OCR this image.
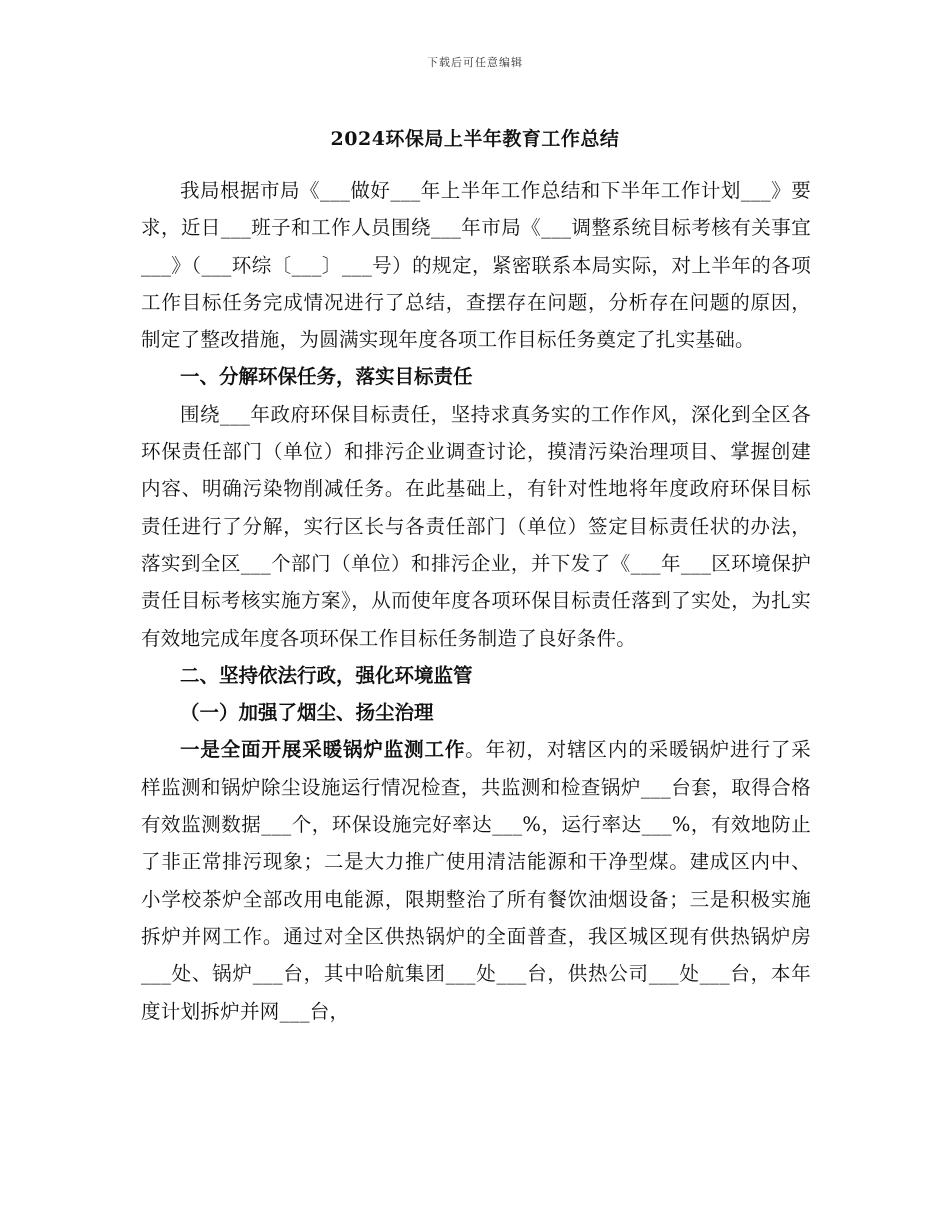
下载后可任意编辑
2024环保局上半年教育工作总结

我局根据市局《___做好___年上半年工作总结和下半年工作计划___》要求，近日___班子和工作人员围绕___年市局《___调整系统目标考核有关事宜___》（___环综〔___〕___号）的规定，紧密联系本局实际，对上半年的各项工作目标任务完成情况进行了总结，查摆存在问题，分析存在问题的原因，制定了整改措施，为圆满实现年度各项工作目标任务奠定了扎实基础。

一、分解环保任务，落实目标责任

围绕___年政府环保目标责任，坚持求真务实的工作作风，深化到全区各环保责任部门（单位）和排污企业调查讨论，摸清污染治理项目、掌握创建内容、明确污染物削减任务。在此基础上，有针对性地将年度政府环保目标责任进行了分解，实行区长与各责任部门（单位）签定目标责任状的办法，落实到全区___个部门（单位）和排污企业，并下发了《___年___区环境保护责任目标考核实施方案》，从而使年度各项环保目标责任落到了实处，为扎实有效地完成年度各项环保工作目标任务制造了良好条件。

二、坚持依法行政，强化环境监管

（一）加强了烟尘、扬尘治理

一是全面开展采暖锅炉监测工作。年初，对辖区内的采暖锅炉进行了采样监测和锅炉除尘设施运行情况检查，共监测和检查锅炉___台套，取得合格有效监测数据___个，环保设施完好率达___%，运行率达___%，有效地防止了非正常排污现象；二是大力推广使用清洁能源和干净型煤。建成区内中、小学校茶炉全部改用电能源，限期整治了所有餐饮油烟设备；三是积极实施拆炉并网工作。通过对全区供热锅炉的全面普查，我区城区现有供热锅炉房___处、锅炉___台，其中哈航集团___处___台，供热公司___处___台，本年度计划拆炉并网___台，
